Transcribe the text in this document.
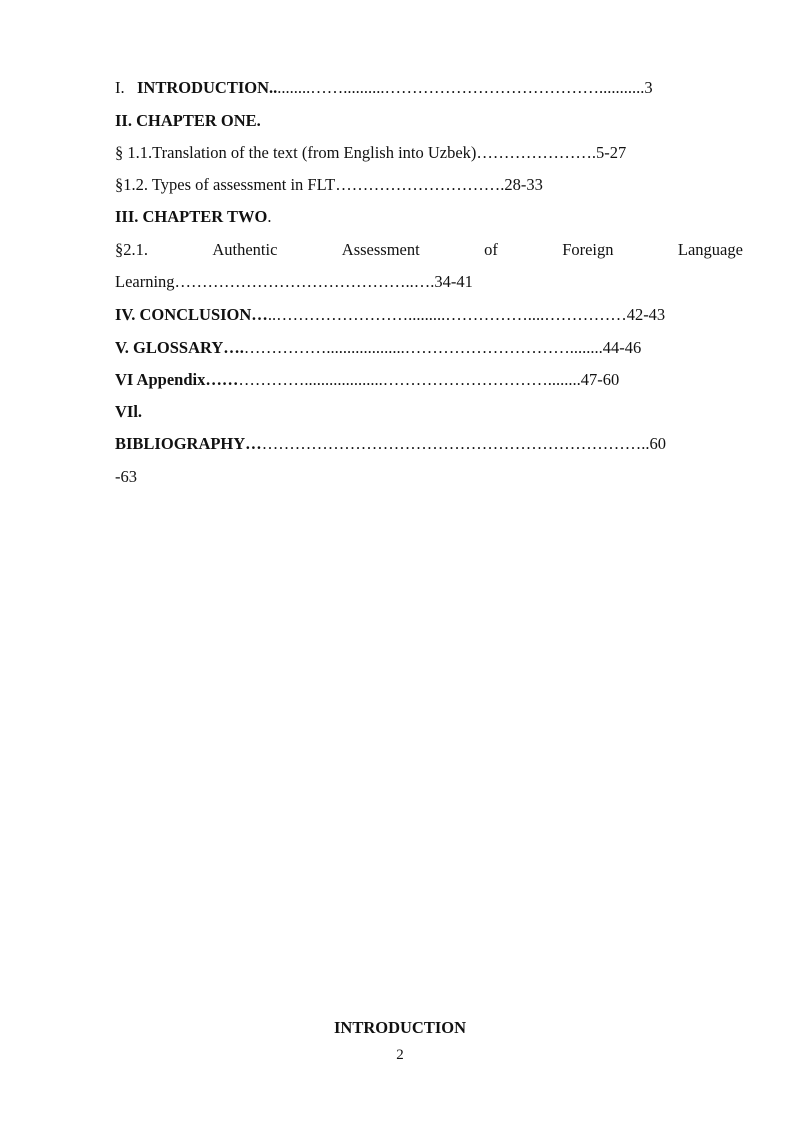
I. INTRODUCTION..........……..........…………………………………...........3
II. CHAPTER ONE.
§ 1.1.Translation of the text (from English into Uzbek)………………….5-27
§1.2. Types of assessment in FLT………………………….28-33
III. CHAPTER TWO.
§2.1.	Authentic	Assessment	of	Foreign	Language
Learning……………………………………..….34-41
IV. CONCLUSION…..…………………….........……………....……………42-43
V. GLOSSARY….……………...................…………………………........44-46
VI Appendix………………...................…………………………........47-60
VIl.
BIBLIOGRAPHY………………………………………………………………..60
-63
INTRODUCTION
2
